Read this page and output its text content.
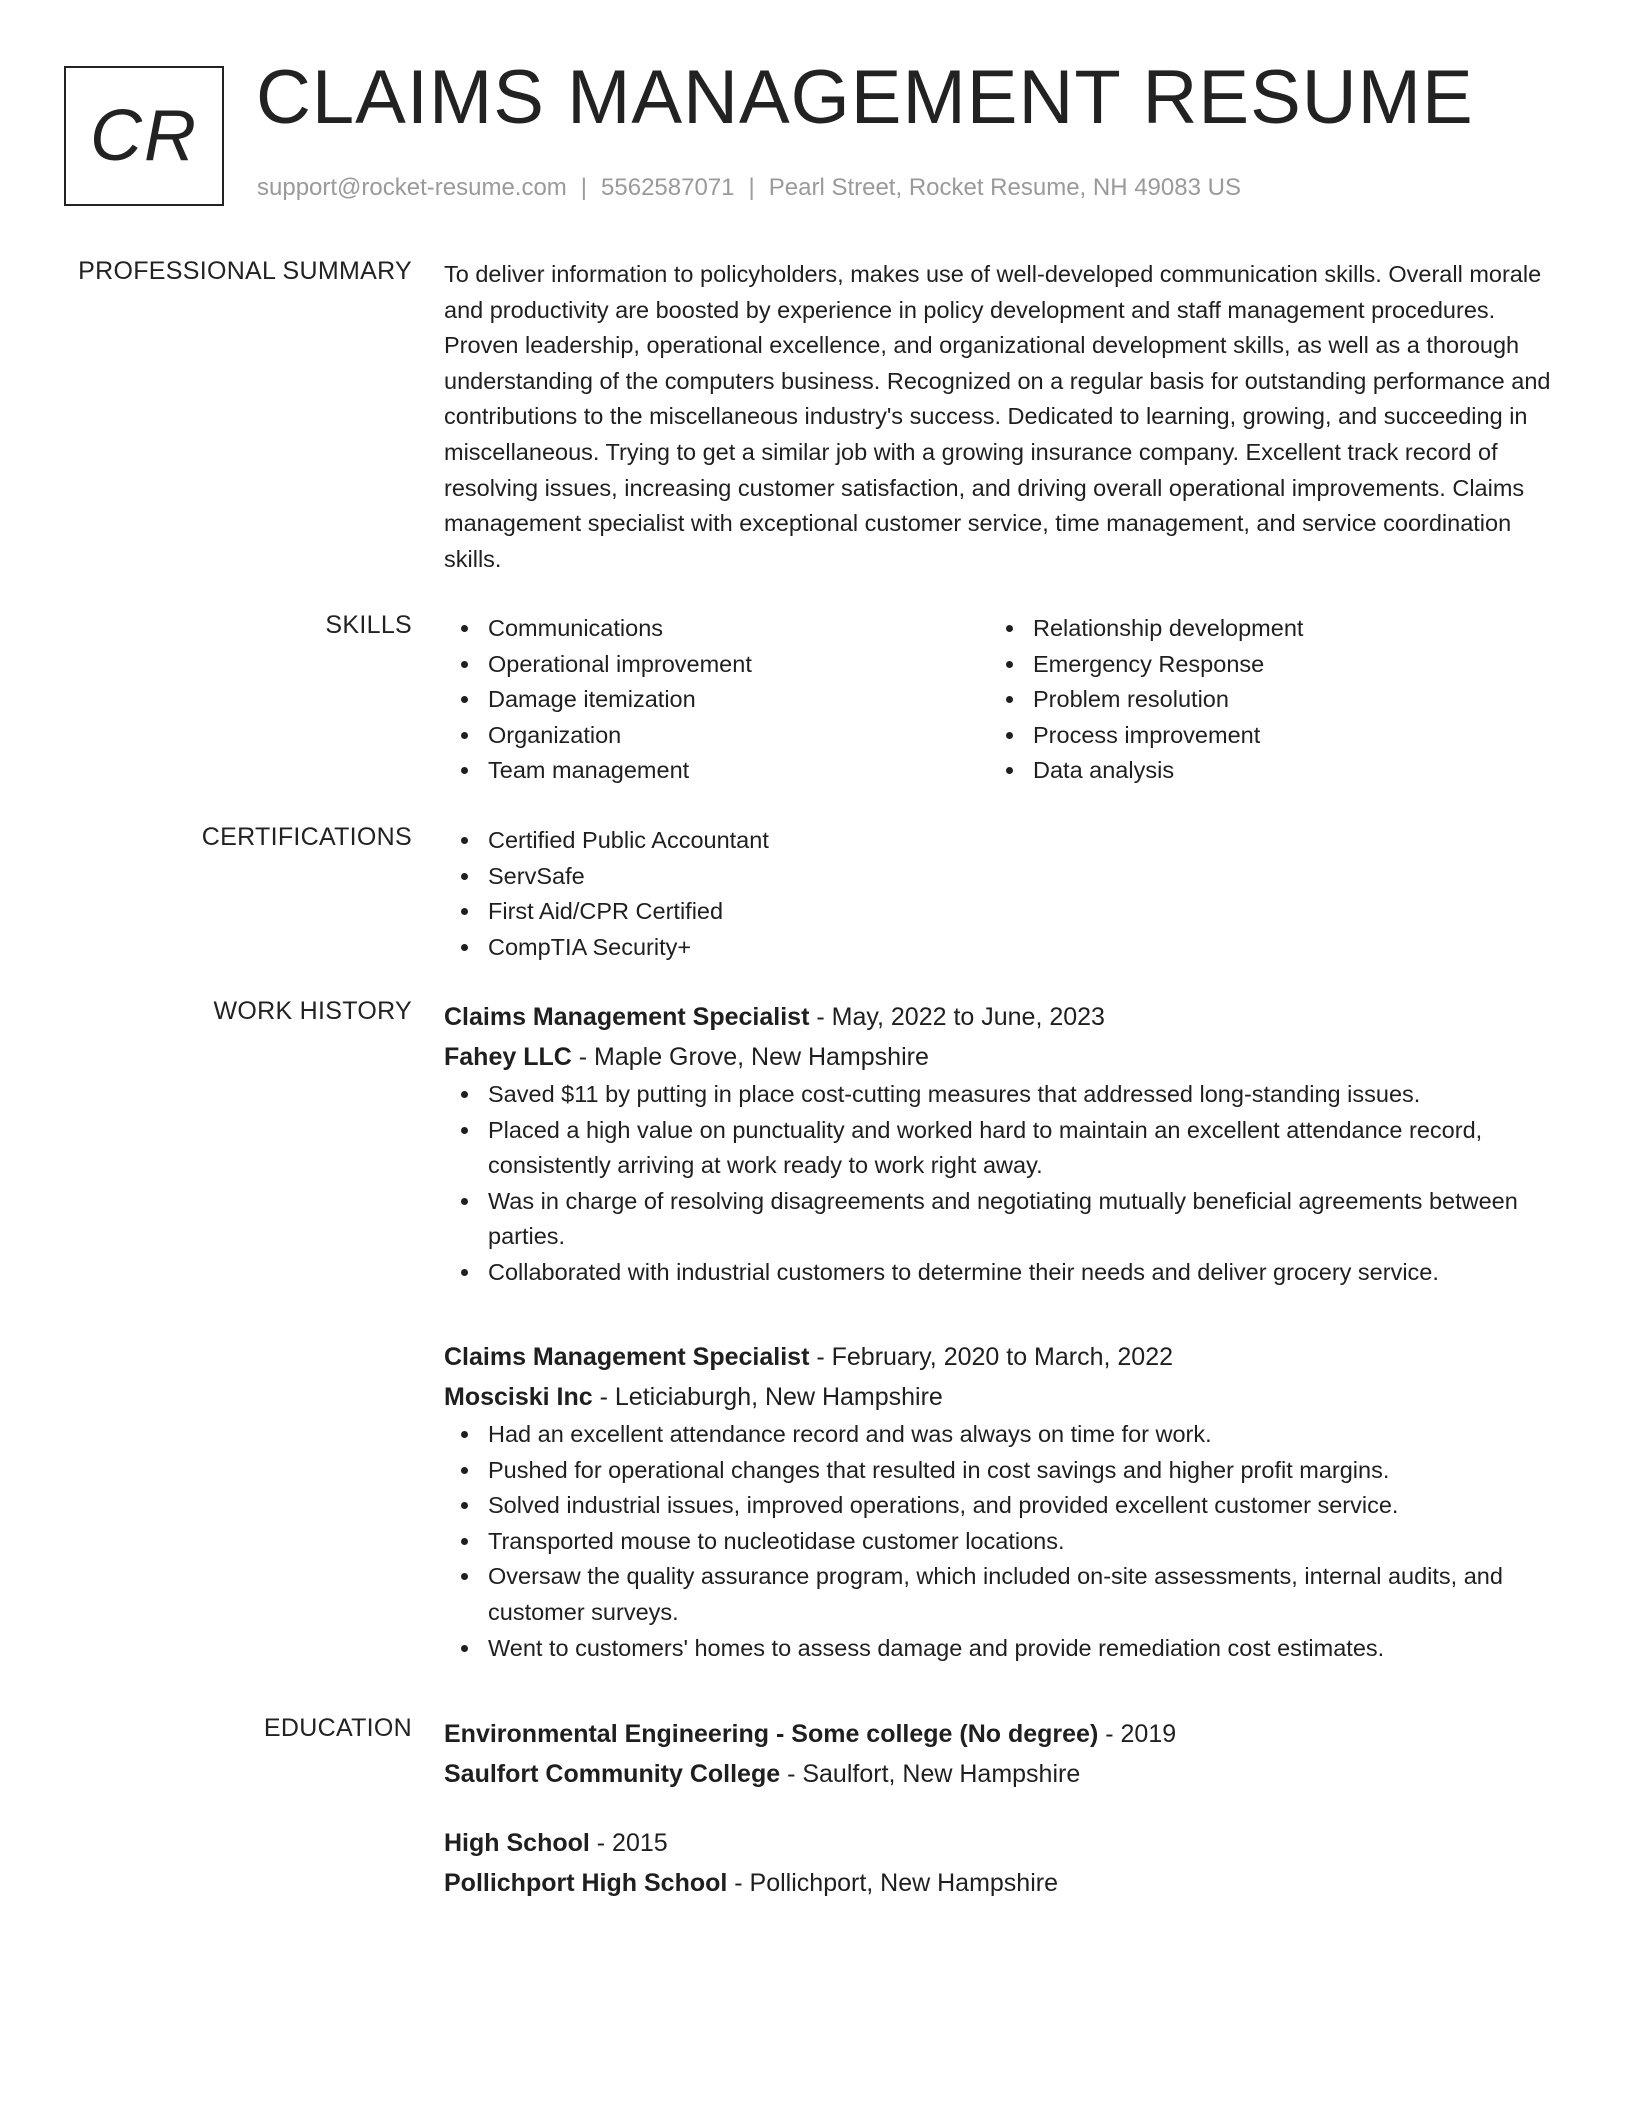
CR CLAIMS MANAGEMENT RESUME
support@rocket-resume.com | 5562587071 | Pearl Street, Rocket Resume, NH 49083 US
PROFESSIONAL SUMMARY To deliver information to policyholders, makes use of well-developed communication skills. Overall morale and productivity are boosted by experience in policy development and staff management procedures. Proven leadership, operational excellence, and organizational development skills, as well as a thorough understanding of the computers business. Recognized on a regular basis for outstanding performance and contributions to the miscellaneous industry's success. Dedicated to learning, growing, and succeeding in miscellaneous. Trying to get a similar job with a growing insurance company. Excellent track record of resolving issues, increasing customer satisfaction, and driving overall operational improvements. Claims management specialist with exceptional customer service, time management, and service coordination skills.

SKILLS	Communications
Operational improvement
Damage itemization
Organization
Team management
Relationship development
Emergency Response
Problem resolution
Process improvement
Data analysis
CERTIFICATIONS	Certified Public Accountant
ServSafe
First Aid/CPR Certified
CompTIA Security+
WORK HISTORY Claims Management Specialist - May, 2022 to June, 2023
Fahey LLC - Maple Grove, New Hampshire
Saved $11 by putting in place cost-cutting measures that addressed long-standing issues.
Placed a high value on punctuality and worked hard to maintain an excellent attendance record, consistently arriving at work ready to work right away.
Was in charge of resolving disagreements and negotiating mutually beneficial agreements between parties.
Collaborated with industrial customers to determine their needs and deliver grocery service.
Claims Management Specialist - February, 2020 to March, 2022
Mosciski Inc - Leticiaburgh, New Hampshire
Had an excellent attendance record and was always on time for work.
Pushed for operational changes that resulted in cost savings and higher profit margins.
Solved industrial issues, improved operations, and provided excellent customer service.
Transported mouse to nucleotidase customer locations.
Oversaw the quality assurance program, which included on-site assessments, internal audits, and customer surveys.
Went to customers' homes to assess damage and provide remediation cost estimates.
EDUCATION Environmental Engineering - Some college (No degree) - 2019
Saulfort Community College - Saulfort, New Hampshire
High School - 2015
Pollichport High School - Pollichport, New Hampshire
